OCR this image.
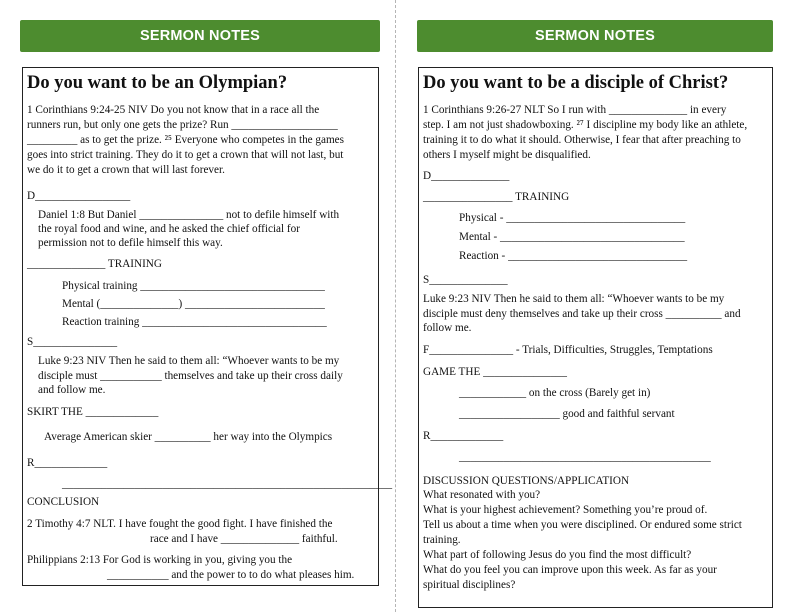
SERMON NOTES	SERMON NOTES
Do you want to be an Olympian?
1 Corinthians 9:24-25 NIV Do you not know that in a race all the
runners run, but only one gets the prize? Run ___________________
_________ as to get the prize. ²⁵ Everyone who competes in the games
goes into strict training. They do it to get a crown that will not last, but
we do it to get a crown that will last forever.
D_________________
Daniel 1:8 But Daniel _______________ not to defile himself with
the royal food and wine, and he asked the chief official for
permission not to defile himself this way.
______________ TRAINING
Physical training _________________________________
Mental (______________) _________________________
Reaction training _________________________________
S_______________
Luke 9:23 NIV Then he said to them all: “Whoever wants to be my
disciple must ___________ themselves and take up their cross daily
and follow me.
SKIRT THE _____________
Average American skier __________ her way into the Olympics
R_____________
___________________________________________________________
CONCLUSION
2 Timothy 4:7 NLT. I have fought the good fight. I have finished the
race and I have ______________ faithful.
Philippians 2:13 For God is working in you, giving you the
___________ and the power to to do what pleases him.
Do you want to be a disciple of Christ?
1 Corinthians 9:26-27 NLT So I run with ______________ in every
step. I am not just shadowboxing. ²⁷ I discipline my body like an athlete,
training it to do what it should. Otherwise, I fear that after preaching to
others I myself might be disqualified.
D______________
________________ TRAINING
Physical - ________________________________
Mental - _________________________________
Reaction - ________________________________
S______________
Luke 9:23 NIV Then he said to them all: “Whoever wants to be my
disciple must deny themselves and take up their cross __________ and
follow me.
F_______________ - Trials, Difficulties, Struggles, Temptations
GAME THE _______________
____________ on the cross (Barely get in)
__________________ good and faithful servant
R_____________
_____________________________________________
DISCUSSION QUESTIONS/APPLICATION
What resonated with you?
What is your highest achievement? Something you’re proud of.
Tell us about a time when you were disciplined. Or endured some strict
training.
What part of following Jesus do you find the most difficult?
What do you feel you can improve upon this week. As far as your
spiritual disciplines?
